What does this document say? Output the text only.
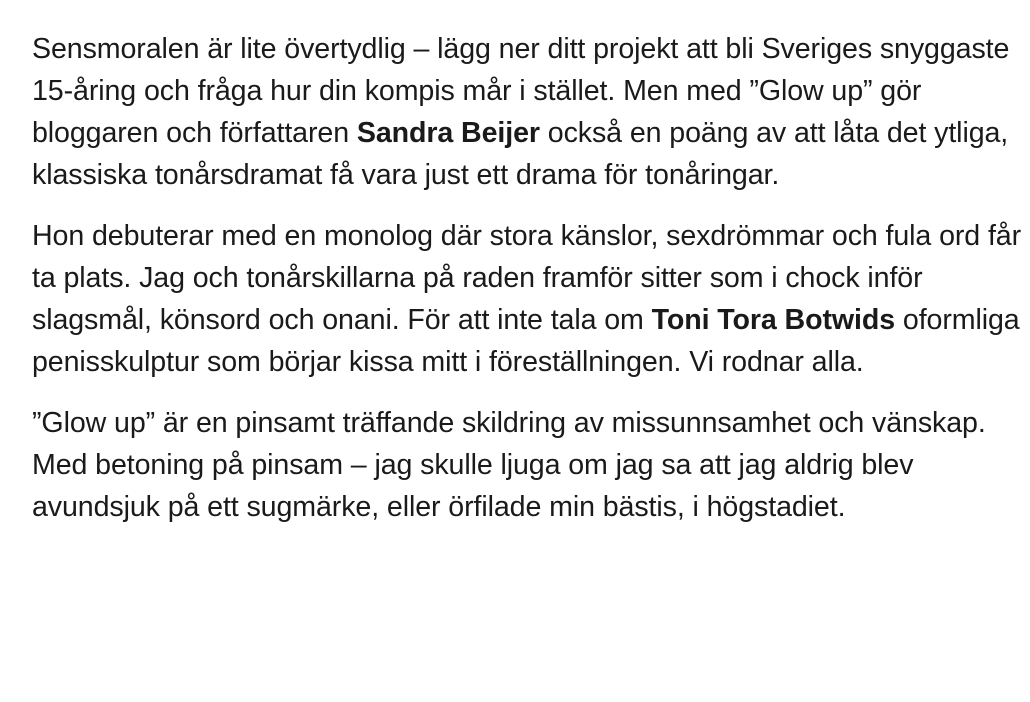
Sensmoralen är lite övertydlig – lägg ner ditt projekt att bli Sveriges snyggaste 15-åring och fråga hur din kompis mår i stället. Men med ”Glow up” gör bloggaren och författaren Sandra Beijer också en poäng av att låta det ytliga, klassiska tonårsdramat få vara just ett drama för tonåringar.

Hon debuterar med en monolog där stora känslor, sexdrömmar och fula ord får ta plats. Jag och tonårskillarna på raden framför sitter som i chock inför slagsmål, könsord och onani. För att inte tala om Toni Tora Botwids oformliga penisskulptur som börjar kissa mitt i föreställningen. Vi rodnar alla.

”Glow up” är en pinsamt träffande skildring av missunnsamhet och vänskap. Med betoning på pinsam – jag skulle ljuga om jag sa att jag aldrig blev avundsjuk på ett sugmärke, eller örfilade min bästis, i högstadiet.
